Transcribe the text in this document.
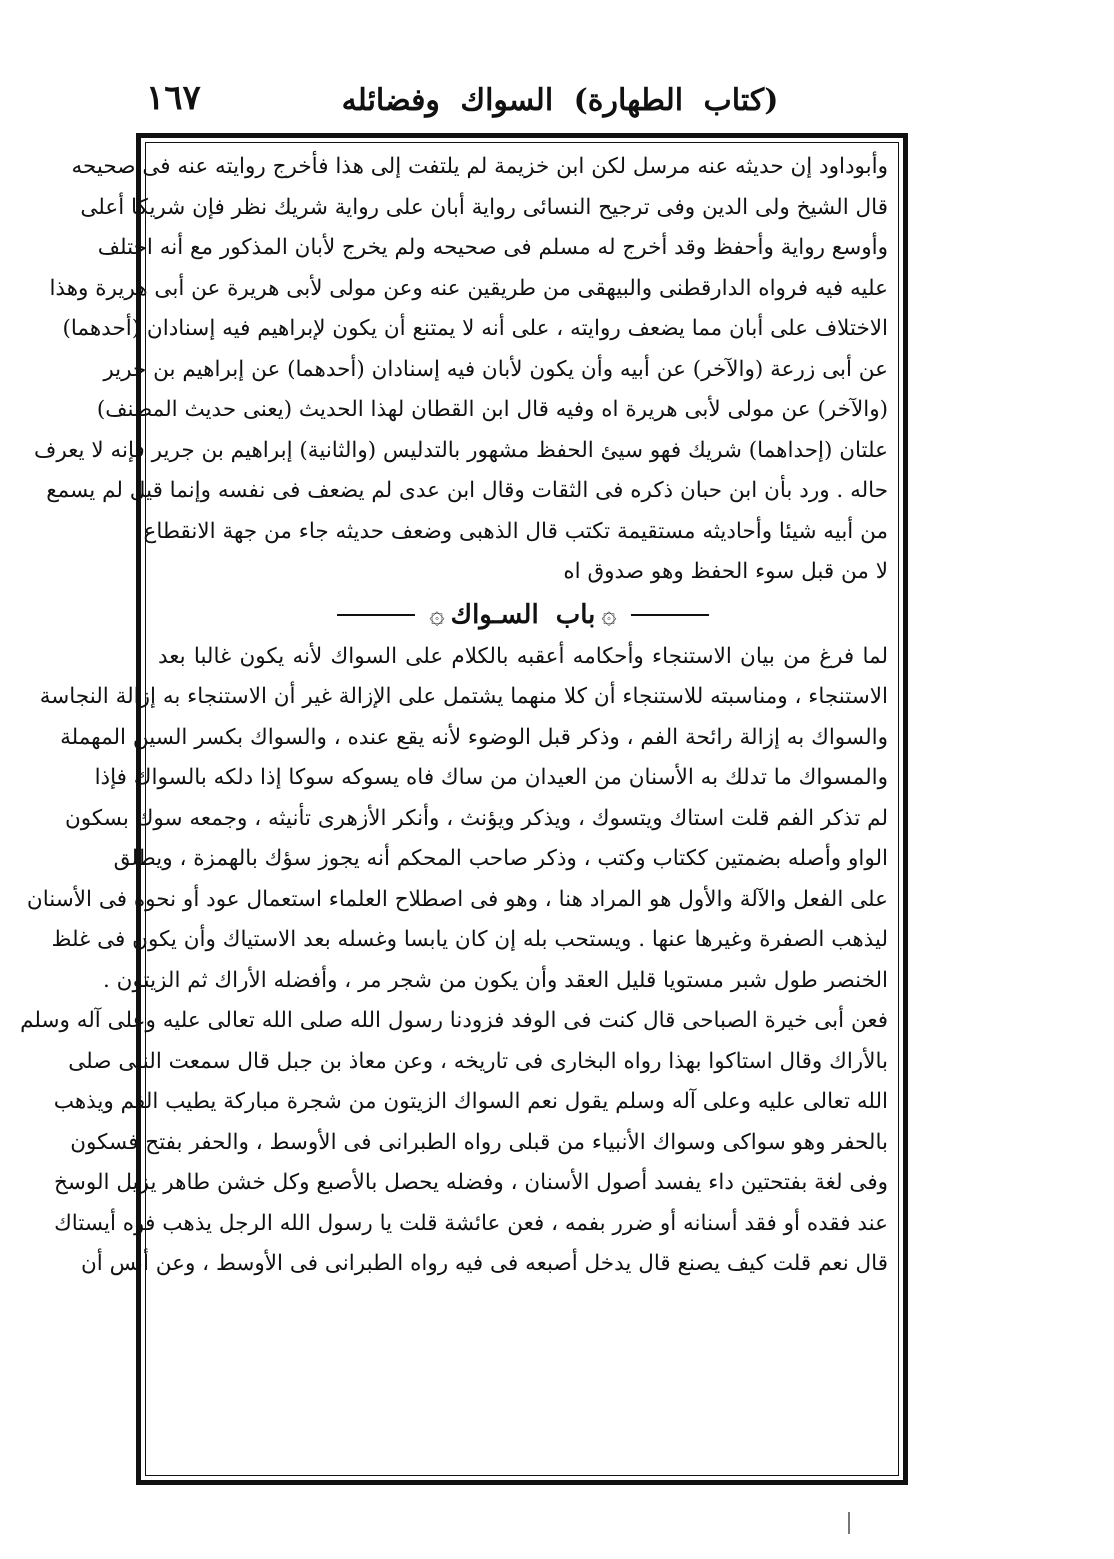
(كتاب الطهارة) السواك وفضائله
١٦٧
وأبوداود إن حديثه عنه مرسل لكن ابن خزيمة لم يلتفت إلى هذا فأخرج روايته عنه فى صحيحه
قال الشيخ ولى الدين وفى ترجيح النسائى رواية أبان على رواية شريك نظر فإن شريكا أعلى
وأوسع رواية وأحفظ وقد أخرج له مسلم فى صحيحه ولم يخرج لأبان المذكور مع أنه اختلف
عليه فيه فرواه الدارقطنى والبيهقى من طريقين عنه وعن مولى لأبى هريرة عن أبى هريرة وهذا
الاختلاف على أبان مما يضعف روايته ، على أنه لا يمتنع أن يكون لإبراهيم فيه إسنادان (أحدهما)
عن أبى زرعة (والآخر) عن أبيه وأن يكون لأبان فيه إسنادان (أحدهما) عن إبراهيم بن جرير
(والآخر) عن مولى لأبى هريرة اه وفيه قال ابن القطان لهذا الحديث (يعنى حديث المصنف)
علتان (إحداهما) شريك فهو سيئ الحفظ مشهور بالتدليس (والثانية) إبراهيم بن جرير فإنه لا يعرف
حاله . ورد بأن ابن حبان ذكره فى الثقات وقال ابن عدى لم يضعف فى نفسه وإنما قيل لم يسمع
من أبيه شيئا وأحاديثه مستقيمة تكتب قال الذهبى وضعف حديثه جاء من جهة الانقطاع
لا من قبل سوء الحفظ وهو صدوق اه
۞
باب السـواك
۞
لما فرغ من بيان الاستنجاء وأحكامه أعقبه بالكلام على السواك لأنه يكون غالبا بعد
الاستنجاء ، ومناسبته للاستنجاء أن كلا منهما يشتمل على الإزالة غير أن الاستنجاء به إزالة النجاسة
والسواك به إزالة رائحة الفم ، وذكر قبل الوضوء لأنه يقع عنده ، والسواك بكسر السين المهملة
والمسواك ما تدلك به الأسنان من العيدان من ساك فاه يسوكه سوكا إذا دلكه بالسواك فإذا
لم تذكر الفم قلت استاك ويتسوك ، ويذكر ويؤنث ، وأنكر الأزهرى تأنيثه ، وجمعه سوك بسكون
الواو وأصله بضمتين ككتاب وكتب ، وذكر صاحب المحكم أنه يجوز سؤك بالهمزة ، ويطلق
على الفعل والآلة والأول هو المراد هنا ، وهو فى اصطلاح العلماء استعمال عود أو نحوه فى الأسنان
ليذهب الصفرة وغيرها عنها . ويستحب بله إن كان يابسا وغسله بعد الاستياك وأن يكون فى غلظ
الخنصر طول شبر مستويا قليل العقد وأن يكون من شجر مر ، وأفضله الأراك ثم الزيتون .
فعن أبى خيرة الصباحى قال كنت فى الوفد فزودنا رسول الله صلى الله تعالى عليه وعلى آله وسلم
بالأراك وقال استاكوا بهذا رواه البخارى فى تاريخه ، وعن معاذ بن جبل قال سمعت النبى صلى
الله تعالى عليه وعلى آله وسلم يقول نعم السواك الزيتون من شجرة مباركة يطيب الفم ويذهب
بالحفر وهو سواكى وسواك الأنبياء من قبلى رواه الطبرانى فى الأوسط ، والحفر بفتح فسكون
وفى لغة بفتحتين داء يفسد أصول الأسنان ، وفضله يحصل بالأصبع وكل خشن طاهر يزيل الوسخ
عند فقده أو فقد أسنانه أو ضرر بفمه ، فعن عائشة قلت يا رسول الله الرجل يذهب فوه أيستاك
قال نعم قلت كيف يصنع قال يدخل أصبعه فى فيه رواه الطبرانى فى الأوسط ، وعن أنس أن
